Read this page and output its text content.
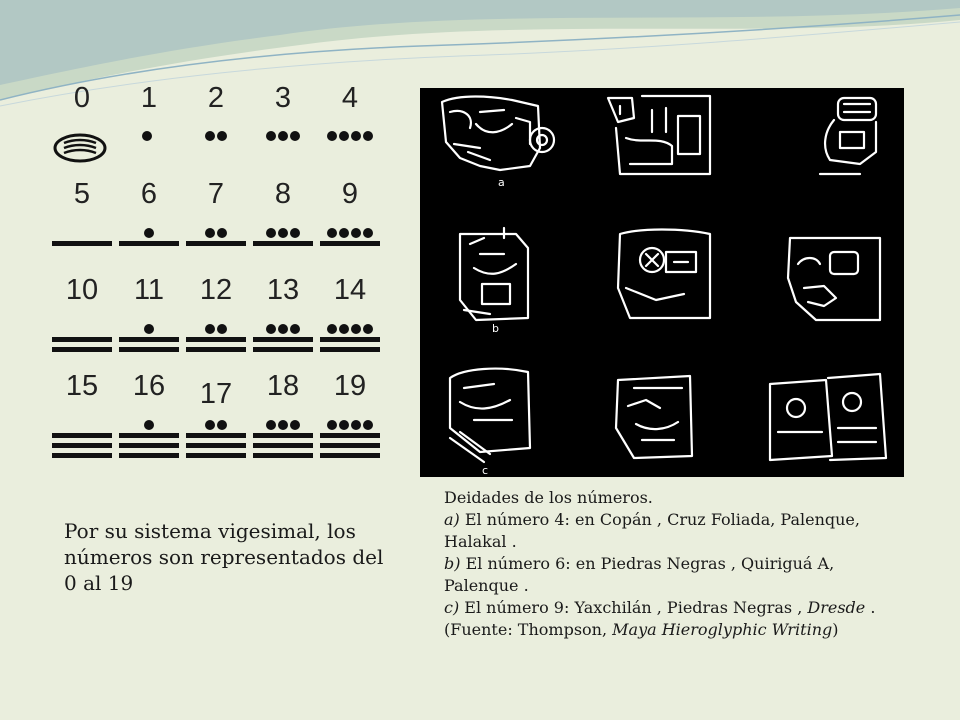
0	1	2	3	4
5	6	7	8	9
10	11	12	13	14
15	16	17	18	19
a
b
c
Deidades de los números.
a) El número 4: en Copán , Cruz Foliada, Palenque,
Halakal .
b) El número 6: en Piedras Negras , Quiriguá A,
Palenque .
c) El número 9: Yaxchilán , Piedras Negras , Dresde .
(Fuente: Thompson, Maya Hieroglyphic Writing)
Por su sistema vigesimal, los números son representados del 0 al 19
